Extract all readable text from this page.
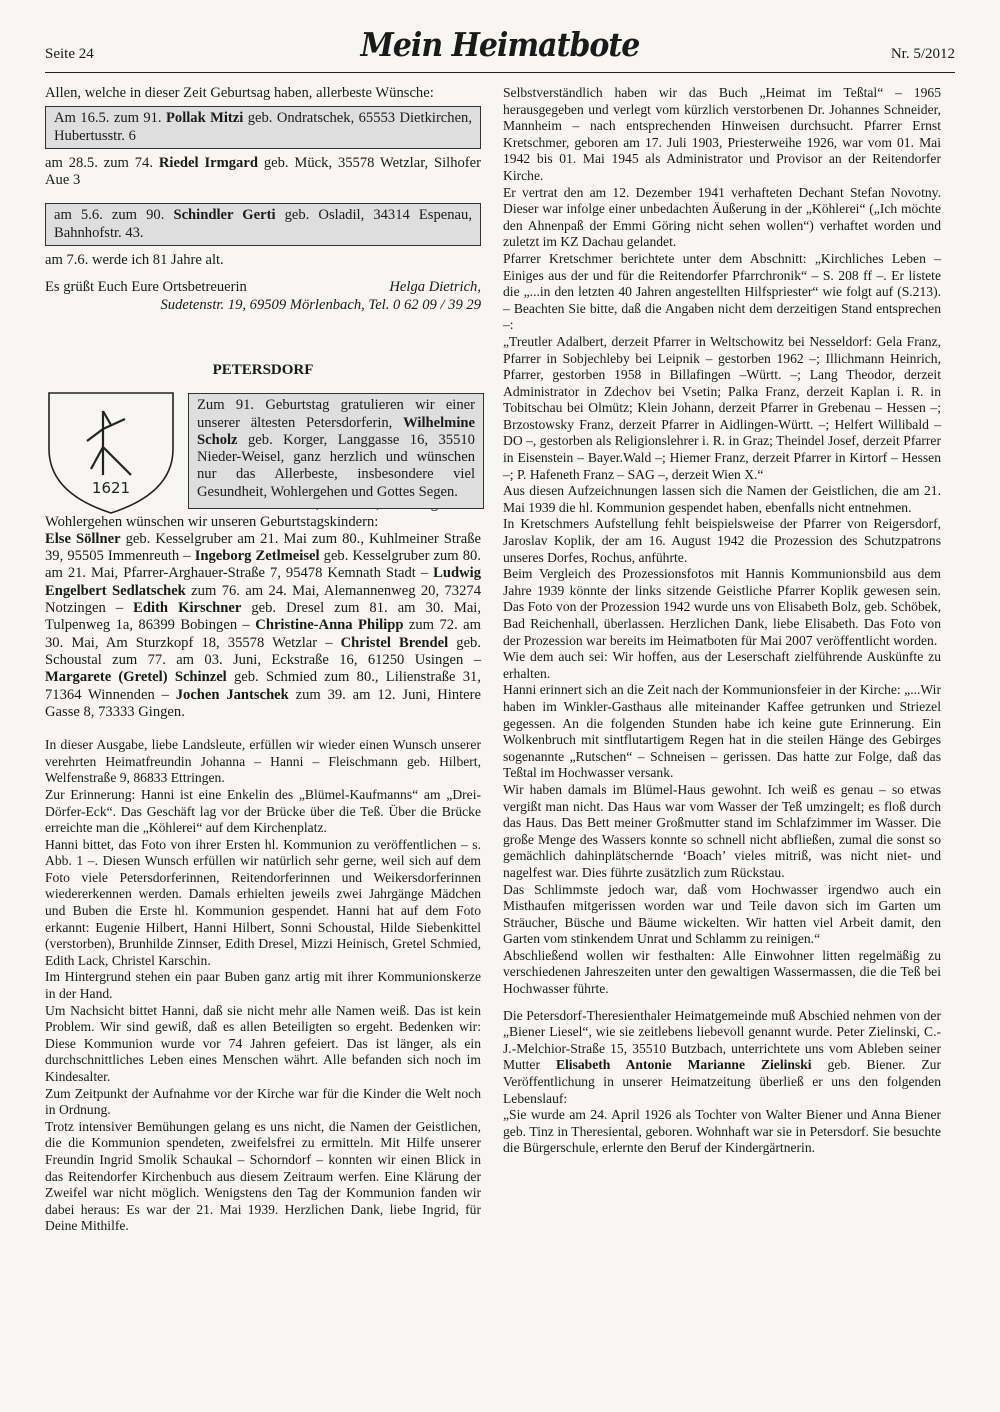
Seite 24	Mein Heimatbote	Nr. 5/2012

Allen, welche in dieser Zeit Geburtsag haben, allerbeste Wünsche:

Am 16.5. zum 91. Pollak Mitzi geb. Ondratschek, 65553 Dietkirchen, Hubertusstr. 6

am 28.5. zum 74. Riedel Irmgard geb. Mück, 35578 Wetzlar, Silhofer Aue 3

am 5.6. zum 90. Schindler Gerti geb. Osladil, 34314 Espenau, Bahnhofstr. 43.

am 7.6. werde ich 81 Jahre alt.

Es grüßt Euch Eure Ortsbetreuerin	Helga Dietrich,

Sudetenstr. 19, 69509 Mörlenbach, Tel. 0 62 09 / 39 29

PETERSDORF
1621
Zum 91. Geburtstag gratulieren wir einer unserer ältesten Petersdorferin, Wilhelmine Scholz geb. Korger, Langgasse 16, 35510 Nieder-Weisel, ganz herzlich und wünschen nur das Allerbeste, insbesondere viel Gesundheit, Wohlergehen und Gottes Segen.

Wohlergehen wünschen wir unseren Geburtstagskindern:

Else Söllner geb. Kesselgruber am 21. Mai zum 80., Kuhlmeiner Straße 39, 95505 Immenreuth – Ingeborg Zetlmeisel geb. Kesselgruber zum 80. am 21. Mai, Pfarrer-Arghauer-Straße 7, 95478 Kemnath Stadt – Ludwig Engelbert Sedlatschek zum 76. am 24. Mai, Alemannenweg 20, 73274 Notzingen – Edith Kirschner geb. Dresel zum 81. am 30. Mai, Tulpenweg 1a, 86399 Bobingen – Christine-Anna Philipp zum 72. am 30. Mai, Am Sturzkopf 18, 35578 Wetzlar – Christel Brendel geb. Schoustal zum 77. am 03. Juni, Eckstraße 16, 61250 Usingen – Margarete (Gretel) Schinzel geb. Schmied zum 80., Lilienstraße 31, 71364 Winnenden – Jochen Jantschek zum 39. am 12. Juni, Hintere Gasse 8, 73333 Gingen.

In dieser Ausgabe, liebe Landsleute, erfüllen wir wieder einen Wunsch unserer verehrten Heimatfreundin Johanna – Hanni – Fleischmann geb. Hilbert, Welfenstraße 9, 86833 Ettringen.

Zur Erinnerung: Hanni ist eine Enkelin des „Blümel-Kaufmanns“ am „Drei-Dörfer-Eck“. Das Geschäft lag vor der Brücke über die Teß. Über die Brücke erreichte man die „Köhlerei“ auf dem Kirchenplatz.

Hanni bittet, das Foto von ihrer Ersten hl. Kommunion zu veröffentlichen – s. Abb. 1 –. Diesen Wunsch erfüllen wir natürlich sehr gerne, weil sich auf dem Foto viele Petersdorferinnen, Reitendorferinnen und Weikersdorferinnen wiedererkennen werden. Damals erhielten jeweils zwei Jahrgänge Mädchen und Buben die Erste hl. Kommunion gespendet. Hanni hat auf dem Foto erkannt: Eugenie Hilbert, Hanni Hilbert, Sonni Schoustal, Hilde Siebenkittel (verstorben), Brunhilde Zinnser, Edith Dresel, Mizzi Heinisch, Gretel Schmied, Edith Lack, Christel Karschin.

Im Hintergrund stehen ein paar Buben ganz artig mit ihrer Kommunionskerze in der Hand.

Um Nachsicht bittet Hanni, daß sie nicht mehr alle Namen weiß. Das ist kein Problem. Wir sind gewiß, daß es allen Beteiligten so ergeht. Bedenken wir: Diese Kommunion wurde vor 74 Jahren gefeiert. Das ist länger, als ein durchschnittliches Leben eines Menschen währt. Alle befanden sich noch im Kindesalter.

Zum Zeitpunkt der Aufnahme vor der Kirche war für die Kinder die Welt noch in Ordnung.

Trotz intensiver Bemühungen gelang es uns nicht, die Namen der Geistlichen, die die Kommunion spendeten, zweifelsfrei zu ermitteln. Mit Hilfe unserer Freundin Ingrid Smolik Schaukal – Schorndorf – konnten wir einen Blick in das Reitendorfer Kirchenbuch aus diesem Zeitraum werfen. Eine Klärung der Zweifel war nicht möglich. Wenigstens den Tag der Kommunion fanden wir dabei heraus: Es war der 21. Mai 1939. Herzlichen Dank, liebe Ingrid, für Deine Mithilfe.

Selbstverständlich haben wir das Buch „Heimat im Teßtal“ – 1965 herausgegeben und verlegt vom kürzlich verstorbenen Dr. Johannes Schneider, Mannheim – nach entsprechenden Hinweisen durchsucht. Pfarrer Ernst Kretschmer, geboren am 17. Juli 1903, Priesterweihe 1926, war vom 01. Mai 1942 bis 01. Mai 1945 als Administrator und Provisor an der Reitendorfer Kirche.

Er vertrat den am 12. Dezember 1941 verhafteten Dechant Stefan Novotny. Dieser war infolge einer unbedachten Äußerung in der „Köhlerei“ („Ich möchte den Ahnenpaß der Emmi Göring nicht sehen wollen“) verhaftet worden und zuletzt im KZ Dachau gelandet.

Pfarrer Kretschmer berichtete unter dem Abschnitt: „Kirchliches Leben – Einiges aus der und für die Reitendorfer Pfarrchronik“ – S. 208 ff –. Er listete die „...in den letzten 40 Jahren angestellten Hilfspriester“ wie folgt auf (S.213). – Beachten Sie bitte, daß die Angaben nicht dem derzeitigen Stand entsprechen –:

„Treutler Adalbert, derzeit Pfarrer in Weltschowitz bei Nesseldorf: Gela Franz, Pfarrer in Sobjechleby bei Leipnik – gestorben 1962 –; Illichmann Heinrich, Pfarrer, gestorben 1958 in Billafingen –Württ. –; Lang Theodor, derzeit Administrator in Zdechov bei Vsetin; Palka Franz, derzeit Kaplan i. R. in Tobitschau bei Olmütz; Klein Johann, derzeit Pfarrer in Grebenau – Hessen –; Brzostowsky Franz, derzeit Pfarrer in Aidlingen-Württ. –; Helfert Willibald – DO –, gestorben als Religionslehrer i. R. in Graz; Theindel Josef, derzeit Pfarrer in Eisenstein – Bayer.Wald –; Hiemer Franz, derzeit Pfarrer in Kirtorf – Hessen –; P. Hafeneth Franz – SAG –, derzeit Wien X.“

Aus diesen Aufzeichnungen lassen sich die Namen der Geistlichen, die am 21. Mai 1939 die hl. Kommunion gespendet haben, ebenfalls nicht entnehmen.

In Kretschmers Aufstellung fehlt beispielsweise der Pfarrer von Reigersdorf, Jaroslav Koplik, der am 16. August 1942 die Prozession des Schutzpatrons unseres Dorfes, Rochus, anführte.

Beim Vergleich des Prozessionsfotos mit Hannis Kommunionsbild aus dem Jahre 1939 könnte der links sitzende Geistliche Pfarrer Koplik gewesen sein. Das Foto von der Prozession 1942 wurde uns von Elisabeth Bolz, geb. Schöbek, Bad Reichenhall, überlassen. Herzlichen Dank, liebe Elisabeth. Das Foto von der Prozession war bereits im Heimatboten für Mai 2007 veröffentlicht worden.

Wie dem auch sei: Wir hoffen, aus der Leserschaft zielführende Auskünfte zu erhalten.

Hanni erinnert sich an die Zeit nach der Kommunionsfeier in der Kirche: „...Wir haben im Winkler-Gasthaus alle miteinander Kaffee getrunken und Striezel gegessen. An die folgenden Stunden habe ich keine gute Erinnerung. Ein Wolkenbruch mit sintflutartigem Regen hat in die steilen Hänge des Gebirges sogenannte „Rutschen“ – Schneisen – gerissen. Das hatte zur Folge, daß das Teßtal im Hochwasser versank.

Wir haben damals im Blümel-Haus gewohnt. Ich weiß es genau – so etwas vergißt man nicht. Das Haus war vom Wasser der Teß umzingelt; es floß durch das Haus. Das Bett meiner Großmutter stand im Schlafzimmer im Wasser. Die große Menge des Wassers konnte so schnell nicht abfließen, zumal die sonst so gemächlich dahinplätschernde ‘Boach’ vieles mitriß, was nicht niet- und nagelfest war. Dies führte zusätzlich zum Rückstau.

Das Schlimmste jedoch war, daß vom Hochwasser irgendwo auch ein Misthaufen mitgerissen worden war und Teile davon sich im Garten um Sträucher, Büsche und Bäume wickelten. Wir hatten viel Arbeit damit, den Garten vom stinkendem Unrat und Schlamm zu reinigen.“

Abschließend wollen wir festhalten: Alle Einwohner litten regelmäßig zu verschiedenen Jahreszeiten unter den gewaltigen Wassermassen, die die Teß bei Hochwasser führte.

Die Petersdorf-Theresienthaler Heimatgemeinde muß Abschied nehmen von der „Biener Liesel“, wie sie zeitlebens liebevoll genannt wurde. Peter Zielinski, C.-J.-Melchior-Straße 15, 35510 Butzbach, unterrichtete uns vom Ableben seiner Mutter Elisabeth Antonie Marianne Zielinski geb. Biener. Zur Veröffentlichung in unserer Heimatzeitung überließ er uns den folgenden Lebenslauf:

„Sie wurde am 24. April 1926 als Tochter von Walter Biener und Anna Biener geb. Tinz in Theresiental, geboren. Wohnhaft war sie in Petersdorf. Sie besuchte die Bürgerschule, erlernte den Beruf der Kindergärtnerin.
